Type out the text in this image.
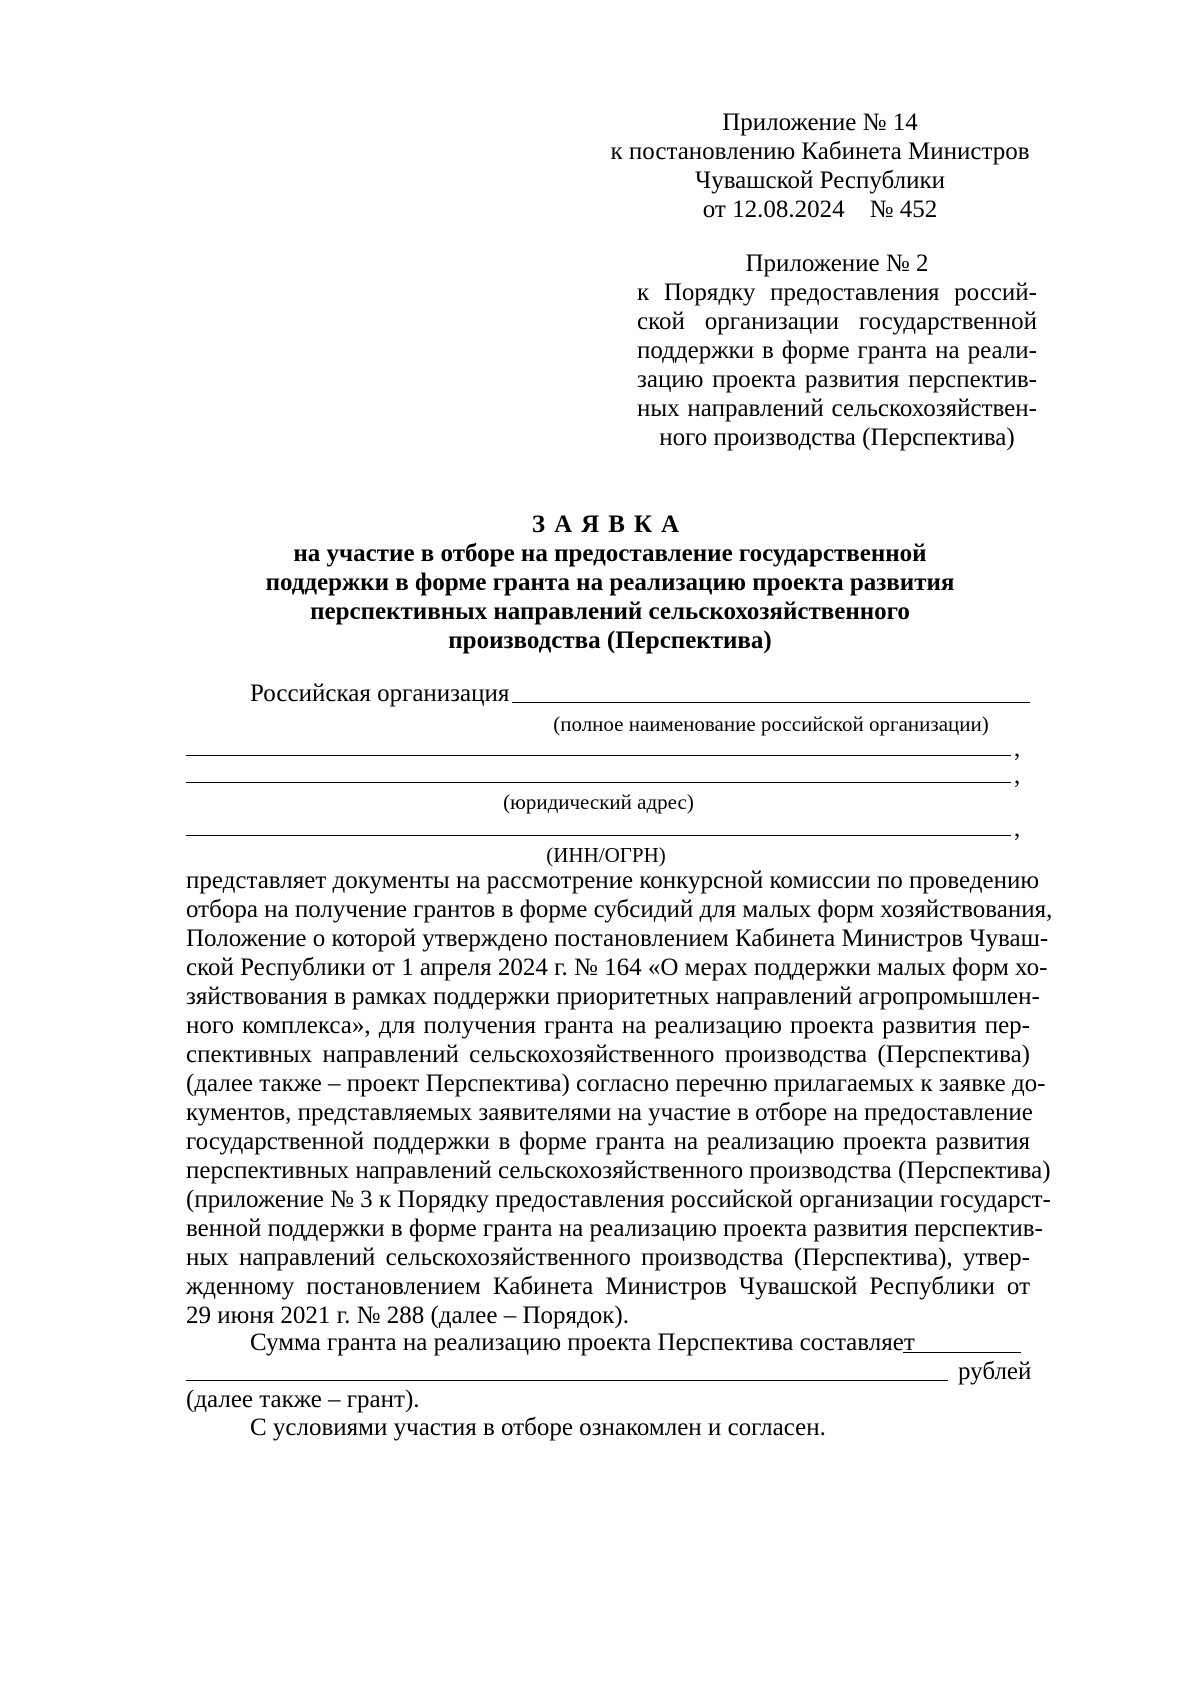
Приложение № 14
к постановлению Кабинета Министров
Чувашской Республики
от 12.08.2024    № 452
Приложение № 2
к Порядку предоставления россий-
ской организации государственной
поддержки в форме гранта на реали-
зацию проекта развития перспектив-
ных направлений сельскохозяйствен-
ного производства (Перспектива)
ЗАЯВКА
на участие в отборе на предоставление государственной
поддержки в форме гранта на реализацию проекта развития
перспективных направлений сельскохозяйственного
производства (Перспектива)
Российская организация
(полное наименование российской организации)
,
,
(юридический адрес)
,
(ИНН/ОГРН)
представляет документы на рассмотрение конкурсной комиссии по проведению
отбора на получение грантов в форме субсидий для малых форм хозяйствования,
Положение о которой утверждено постановлением Кабинета Министров Чуваш-
ской Республики от 1 апреля 2024 г. № 164 «О мерах поддержки малых форм хо-
зяйствования в рамках поддержки приоритетных направлений агропромышлен-
ного комплекса», для получения гранта на реализацию проекта развития пер-
спективных направлений сельскохозяйственного производства (Перспектива)
(далее также – проект Перспектива) согласно перечню прилагаемых к заявке до-
кументов, представляемых заявителями на участие в отборе на предоставление
государственной поддержки в форме гранта на реализацию проекта развития
перспективных направлений сельскохозяйственного производства (Перспектива)
(приложение № 3 к Порядку предоставления российской организации государст-
венной поддержки в форме гранта на реализацию проекта развития перспектив-
ных направлений сельскохозяйственного производства (Перспектива), утвер-
жденному постановлением Кабинета Министров Чувашской Республики от
29 июня 2021 г. № 288 (далее – Порядок).
Сумма гранта на реализацию проекта Перспектива составляет
рублей
(далее также – грант).
С условиями участия в отборе ознакомлен и согласен.
